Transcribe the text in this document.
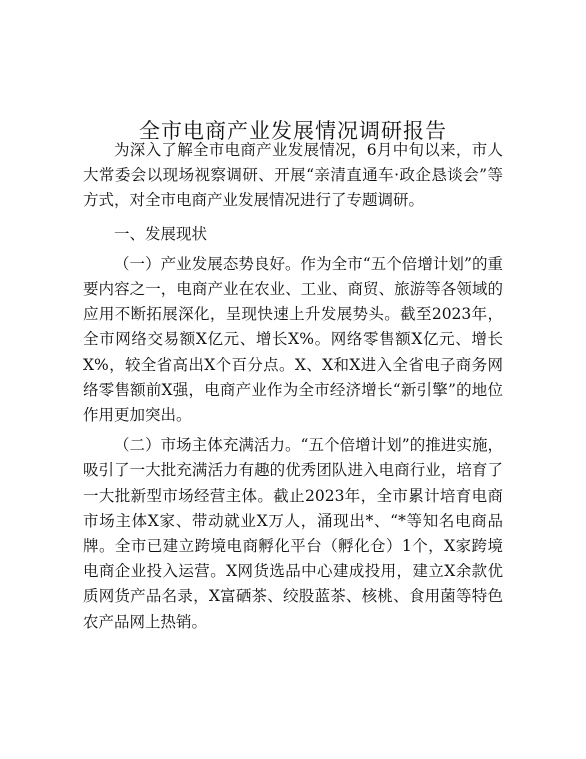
全市电商产业发展情况调研报告

为深入了解全市电商产业发展情况，6月中旬以来，市人大常委会以现场视察调研、开展“亲清直通车·政企恳谈会”等方式，对全市电商产业发展情况进行了专题调研。

一、发展现状

（一）产业发展态势良好。作为全市“五个倍增计划”的重要内容之一，电商产业在农业、工业、商贸、旅游等各领域的应用不断拓展深化，呈现快速上升发展势头。截至2023年，全市网络交易额X亿元、增长X%。网络零售额X亿元、增长X%，较全省高出X个百分点。X、X和X进入全省电子商务网络零售额前X强，电商产业作为全市经济增长“新引擎”的地位作用更加突出。

（二）市场主体充满活力。“五个倍增计划”的推进实施，吸引了一大批充满活力有趣的优秀团队进入电商行业，培育了一大批新型市场经营主体。截止2023年，全市累计培育电商市场主体X家、带动就业X万人，涌现出*、“*等知名电商品牌。全市已建立跨境电商孵化平台（孵化仓）1个，X家跨境电商企业投入运营。X网货选品中心建成投用，建立X余款优质网货产品名录，X富硒茶、绞股蓝茶、核桃、食用菌等特色农产品网上热销。
